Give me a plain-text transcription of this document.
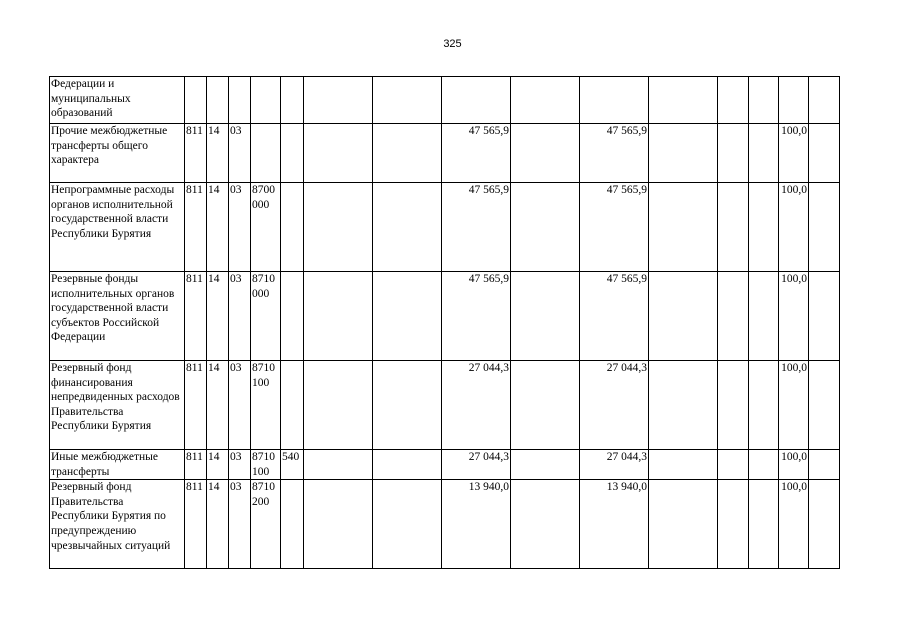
325
Федерации и муниципальных образований															
Прочие межбюджетные трансферты общего характера	811	14	03					47 565,9		47 565,9				100,0	
Непрограммные расходы органов исполнительной государственной власти Республики Бурятия	811	14	03	8700 000				47 565,9		47 565,9				100,0	
Резервные фонды исполнительных органов государственной власти субъектов Российской Федерации	811	14	03	8710 000				47 565,9		47 565,9				100,0	
Резервный фонд финансирования непредвиденных расходов Правительства Республики Бурятия	811	14	03	8710 100				27 044,3		27 044,3				100,0	
Иные межбюджетные трансферты	811	14	03	8710 100	540			27 044,3		27 044,3				100,0	
Резервный фонд Правительства Республики Бурятия по предупреждению чрезвычайных ситуаций	811	14	03	8710 200				13 940,0		13 940,0				100,0	
